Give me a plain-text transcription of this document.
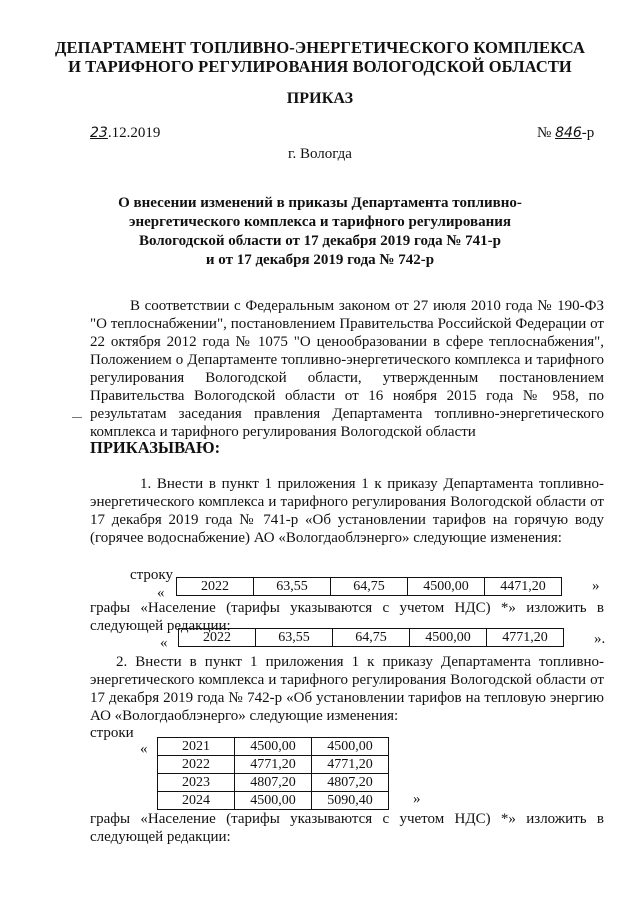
ДЕПАРТАМЕНТ ТОПЛИВНО-ЭНЕРГЕТИЧЕСКОГО КОМПЛЕКСА
И ТАРИФНОГО РЕГУЛИРОВАНИЯ ВОЛОГОДСКОЙ ОБЛАСТИ
ПРИКАЗ
23.12.2019	№ 846-р
г. Вологда
О внесении изменений в приказы Департамента топливно-
энергетического комплекса и тарифного регулирования
Вологодской области от 17 декабря 2019 года № 741-р
и от 17 декабря 2019 года № 742-р
В соответствии с Федеральным законом от 27 июля 2010 года № 190-ФЗ "О теплоснабжении", постановлением Правительства Российской Федерации от 22 октября 2012 года № 1075 "О ценообразовании в сфере теплоснабжения", Положением о Департаменте топливно-энергетического комплекса и тарифного регулирования Вологодской области, утвержденным постановлением Правительства Вологодской области от 16 ноября 2015 года № 958, по результатам заседания правления Департамента топливно-энергетического комплекса и тарифного регулирования Вологодской области
ПРИКАЗЫВАЮ:
1. Внести в пункт 1 приложения 1 к приказу Департамента топливно-энергетического комплекса и тарифного регулирования Вологодской области от 17 декабря 2019 года № 741-р «Об установлении тарифов на горячую воду (горячее водоснабжение) АО «Вологдаоблэнерго» следующие изменения:
строку
«	2022	63,55	64,75	4500,00	4471,20	»
графы «Население (тарифы указываются с учетом НДС) *» изложить в следующей редакции:
«	2022	63,55	64,75	4500,00	4771,20	».
2. Внести в пункт 1 приложения 1 к приказу Департамента топливно-энергетического комплекса и тарифного регулирования Вологодской области от 17 декабря 2019 года № 742-р «Об установлении тарифов на тепловую энергию АО «Вологдаоблэнерго» следующие изменения:
строки
« 2021	4500,00	4500,00
2022	4771,20	4771,20
2023	4807,20	4807,20
2024	4500,00	5090,40	»
графы «Население (тарифы указываются с учетом НДС) *» изложить в следующей редакции:
